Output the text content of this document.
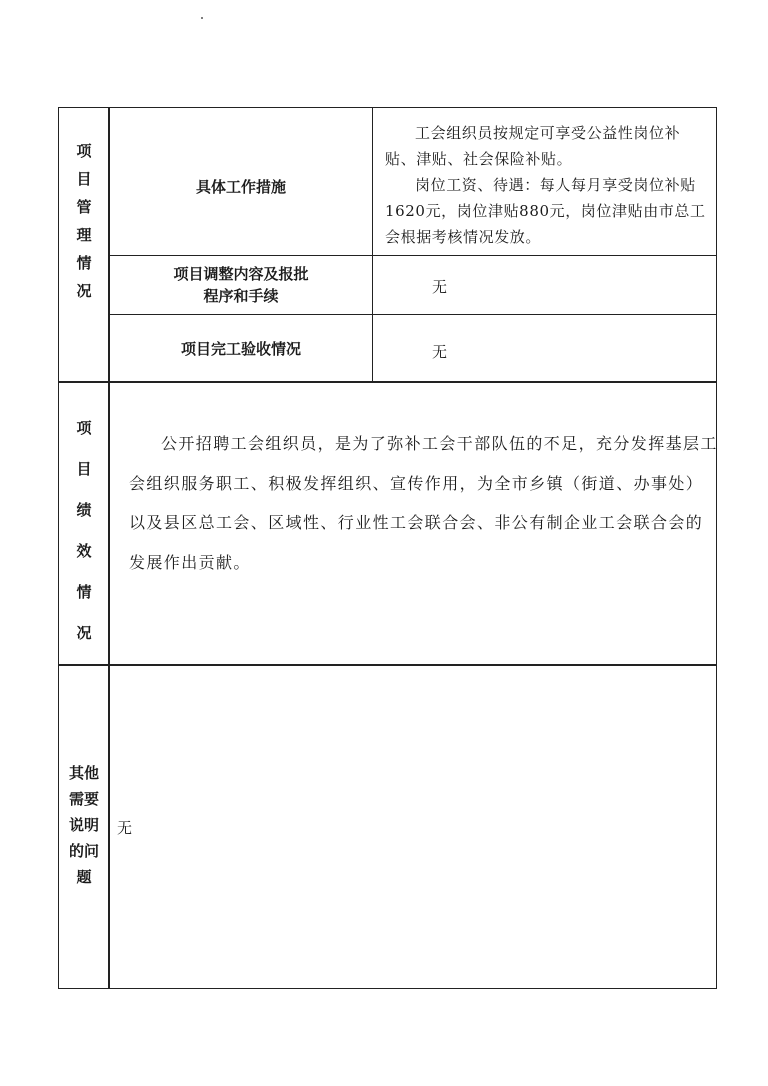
项目管理情况
具体工作措施

工会组织员按规定可享受公益性岗位补贴、津贴、社会保险补贴。

岗位工资、待遇：每人每月享受岗位补贴1620元，岗位津贴880元，岗位津贴由市总工会根据考核情况发放。

项目调整内容及报批
程序和手续	无
项目完工验收情况	无
项目绩效情况

公开招聘工会组织员，是为了弥补工会干部队伍的不足，充分发挥基层工会组织服务职工、积极发挥组织、宣传作用，为全市乡镇（街道、办事处）以及县区总工会、区域性、行业性工会联合会、非公有制企业工会联合会的发展作出贡献。

其他需要说明的问题
无
